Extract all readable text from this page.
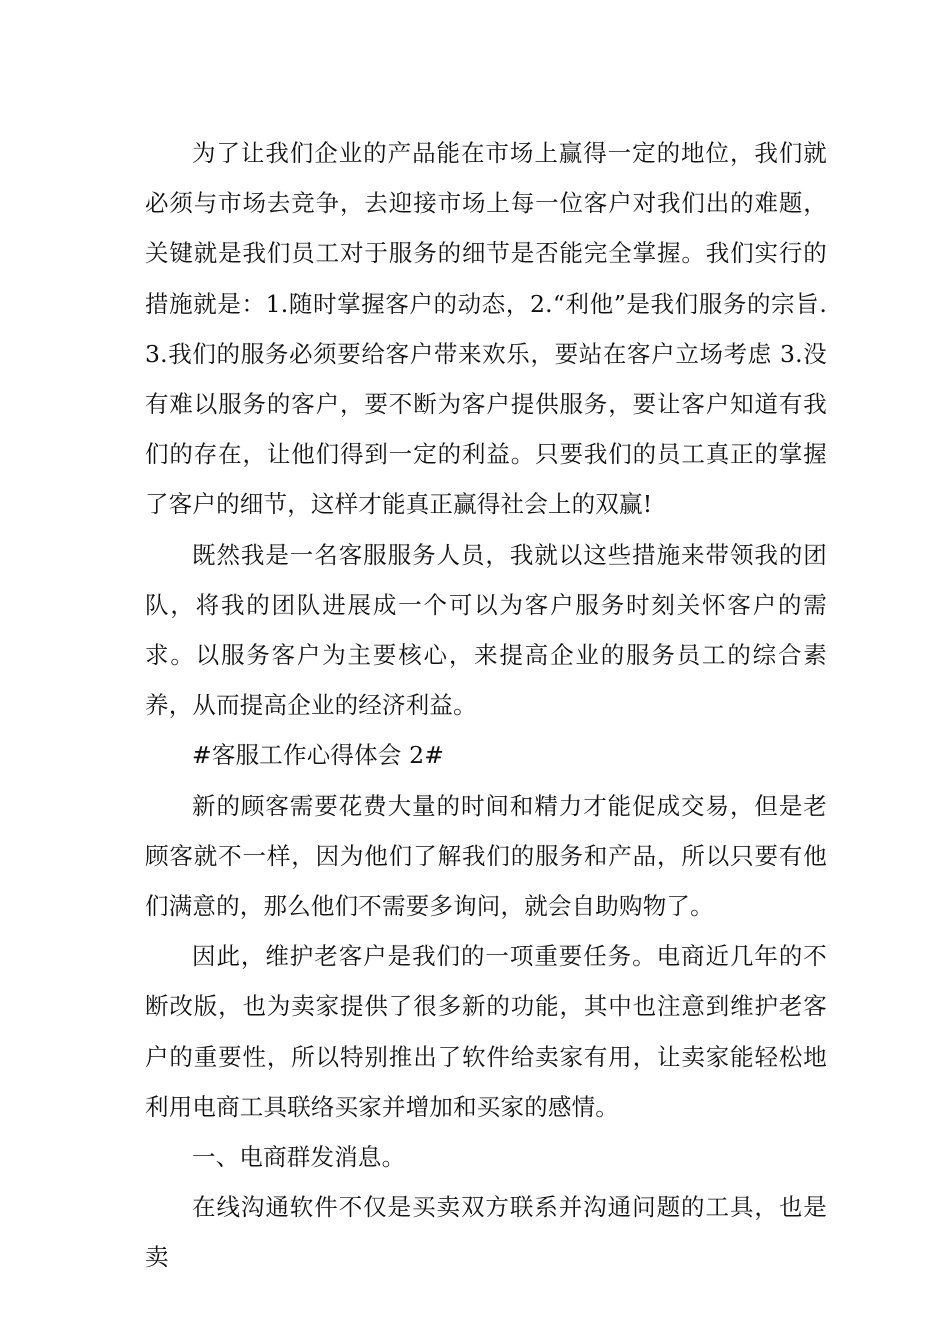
为了让我们企业的产品能在市场上赢得一定的地位，我们就必须与市场去竞争，去迎接市场上每一位客户对我们出的难题，关键就是我们员工对于服务的细节是否能完全掌握。我们实行的措施就是：1.随时掌握客户的动态，2.“利他”是我们服务的宗旨.3.我们的服务必须要给客户带来欢乐，要站在客户立场考虑 3.没有难以服务的客户，要不断为客户提供服务，要让客户知道有我们的存在，让他们得到一定的利益。只要我们的员工真正的掌握了客户的细节，这样才能真正赢得社会上的双赢!

既然我是一名客服服务人员，我就以这些措施来带领我的团队，将我的团队进展成一个可以为客户服务时刻关怀客户的需求。以服务客户为主要核心，来提高企业的服务员工的综合素养，从而提高企业的经济利益。

#客服工作心得体会 2#

新的顾客需要花费大量的时间和精力才能促成交易，但是老顾客就不一样，因为他们了解我们的服务和产品，所以只要有他们满意的，那么他们不需要多询问，就会自助购物了。

因此，维护老客户是我们的一项重要任务。电商近几年的不断改版，也为卖家提供了很多新的功能，其中也注意到维护老客户的重要性，所以特别推出了软件给卖家有用，让卖家能轻松地利用电商工具联络买家并增加和买家的感情。

一、电商群发消息。

在线沟通软件不仅是买卖双方联系并沟通问题的工具，也是卖
